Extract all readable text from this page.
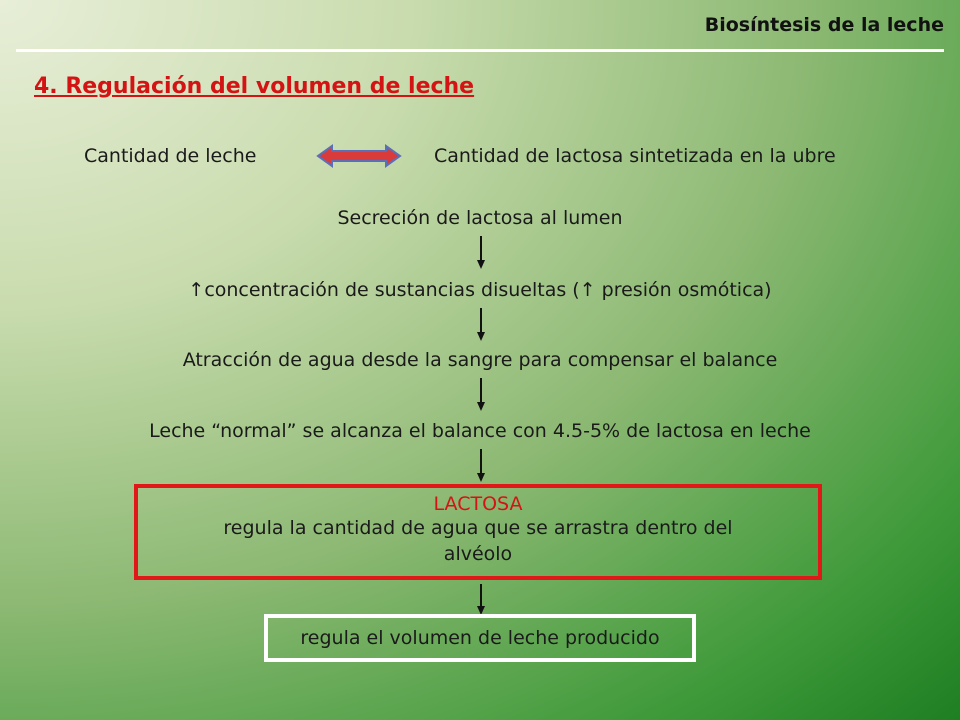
Biosíntesis de la leche
4. Regulación del volumen de leche
Cantidad de leche	Cantidad de lactosa sintetizada en la ubre
Secreción de lactosa al lumen
↑concentración de sustancias disueltas (↑ presión osmótica)
Atracción de agua desde la sangre para compensar el balance
Leche “normal” se alcanza el balance con 4.5-5% de lactosa en leche
LACTOSA
regula la cantidad de agua que se arrastra dentro del
alvéolo
regula el volumen de leche producido
